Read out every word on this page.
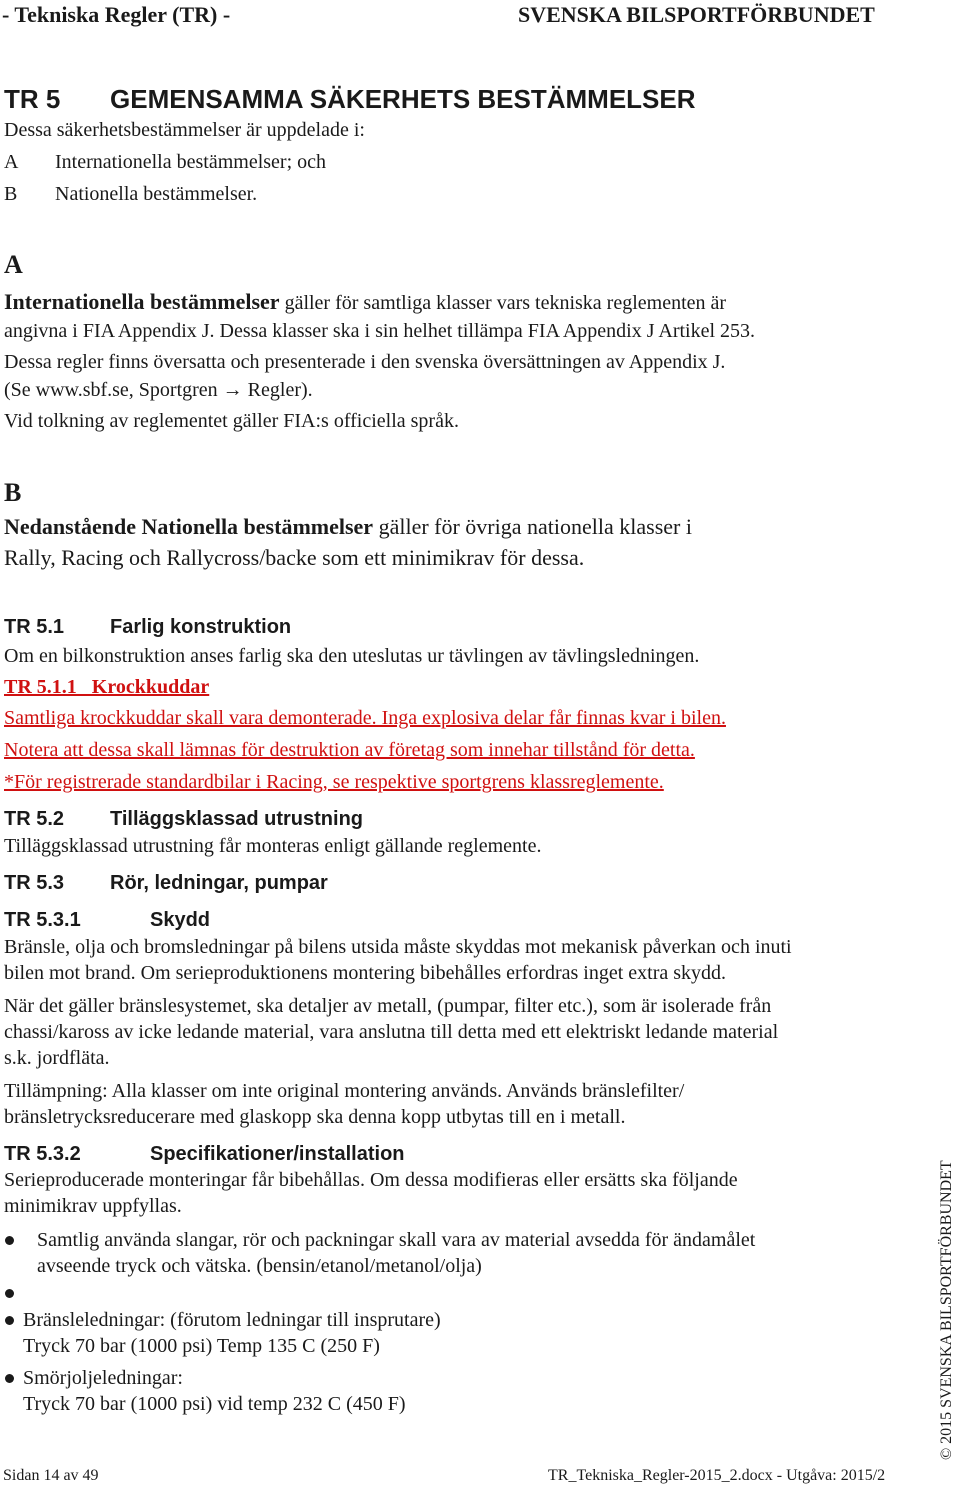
- Tekniska Regler (TR) -	SVENSKA BILSPORTFÖRBUNDET
TR 5 GEMENSAMMA SÄKERHETS BESTÄMMELSER
Dessa säkerhetsbestämmelser är uppdelade i:
A Internationella bestämmelser; och
B Nationella bestämmelser.
A
Internationella bestämmelser gäller för samtliga klasser vars tekniska reglementen är
angivna i FIA Appendix J. Dessa klasser ska i sin helhet tillämpa FIA Appendix J Artikel 253.
Dessa regler finns översatta och presenterade i den svenska översättningen av Appendix J.
(Se www.sbf.se, Sportgren → Regler).
Vid tolkning av reglementet gäller FIA:s officiella språk.
B
Nedanstående Nationella bestämmelser gäller för övriga nationella klasser i
Rally, Racing och Rallycross/backe som ett minimikrav för dessa.
TR 5.1 Farlig konstruktion
Om en bilkonstruktion anses farlig ska den uteslutas ur tävlingen av tävlingsledningen.
TR 5.1.1   Krockkuddar
Samtliga krockkuddar skall vara demonterade. Inga explosiva delar får finnas kvar i bilen.
Notera att dessa skall lämnas för destruktion av företag som innehar tillstånd för detta.
*För registrerade standardbilar i Racing, se respektive sportgrens klassreglemente.
TR 5.2 Tilläggsklassad utrustning
Tilläggsklassad utrustning får monteras enligt gällande reglemente.
TR 5.3 Rör, ledningar, pumpar
TR 5.3.1	Skydd
Bränsle, olja och bromsledningar på bilens utsida måste skyddas mot mekanisk påverkan och inuti
bilen mot brand. Om serieproduktionens montering bibehålles erfordras inget extra skydd.
När det gäller bränslesystemet, ska detaljer av metall, (pumpar, filter etc.), som är isolerade från
chassi/kaross av icke ledande material, vara anslutna till detta med ett elektriskt ledande material
s.k. jordfläta.
Tillämpning: Alla klasser om inte original montering används. Används bränslefilter/
bränsletrycksreducerare med glaskopp ska denna kopp utbytas till en i metall.
TR 5.3.2	Specifikationer/installation
Serieproducerade monteringar får bibehållas. Om dessa modifieras eller ersätts ska följande
minimikrav uppfyllas.
Samtlig använda slangar, rör och packningar skall vara av material avsedda för ändamålet
avseende tryck och vätska. (bensin/etanol/metanol/olja)
Bränsleledningar: (förutom ledningar till insprutare)
Tryck 70 bar (1000 psi) Temp 135 C (250 F)
Smörjoljeledningar:
Tryck 70 bar (1000 psi) vid temp 232 C (450 F)	© 2015 SVENSKA BILSPORTFÖRBUNDET
Sidan 14 av 49	TR_Tekniska_Regler-2015_2.docx - Utgåva: 2015/2
